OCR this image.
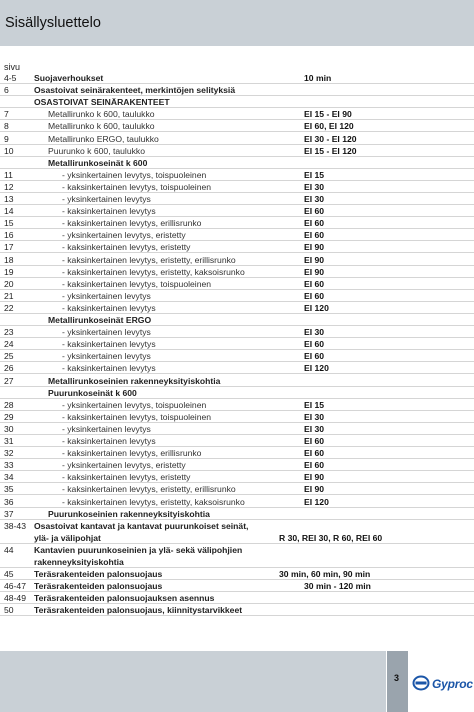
Sisällysluettelo
sivu
4-5 Suojaverhoukset	10 min
6	Osastoivat seinärakenteet, merkintöjen selityksiä
OSASTOIVAT SEINÄRAKENTEET
7	Metallirunko k 600, taulukko	EI 15 - EI 90
8	Metallirunko k 600, taulukko	EI 60, EI 120
9	Metallirunko ERGO, taulukko	EI 30 - EI 120
10	Puurunko k 600, taulukko	EI 15 - EI 120
Metallirunkoseinät k 600
11	- yksinkertainen levytys, toispuoleinen	EI 15
12	- kaksinkertainen levytys, toispuoleinen	EI 30
13	- yksinkertainen levytys	EI 30
14	- kaksinkertainen levytys	EI 60
15	- kaksinkertainen levytys, erillisrunko	EI 60
16	- yksinkertainen levytys, eristetty	EI 60
17	- kaksinkertainen levytys, eristetty	EI 90
18	- kaksinkertainen levytys, eristetty, erillisrunko	EI 90
19	- kaksinkertainen levytys, eristetty, kaksoisrunko	EI 90
20	- kaksinkertainen levytys, toispuoleinen	EI 60
21	- yksinkertainen levytys	EI 60
22	- kaksinkertainen levytys	EI 120
Metallirunkoseinät ERGO
23	- yksinkertainen levytys	EI 30
24	- kaksinkertainen levytys	EI 60
25	- yksinkertainen levytys	EI 60
26	- kaksinkertainen levytys	EI 120
27	Metallirunkoseinien rakenneyksityiskohtia
Puurunkoseinät k 600
28	- yksinkertainen levytys, toispuoleinen	EI 15
29	- kaksinkertainen levytys, toispuoleinen	EI 30
30	- yksinkertainen levytys	EI 30
31	- kaksinkertainen levytys	EI 60
32	- kaksinkertainen levytys, erillisrunko	EI 60
33	- yksinkertainen levytys, eristetty	EI 60
34	- kaksinkertainen levytys, eristetty	EI 90
35	- kaksinkertainen levytys, eristetty, erillisrunko	EI 90
36	- kaksinkertainen levytys, eristetty, kaksoisrunko	EI 120
37	Puurunkoseinien rakenneyksityiskohtia
38-43 Osastoivat kantavat ja kantavat puurunkoiset seinät,
ylä- ja välipohjat	R 30, REI 30, R 60, REI 60
44 Kantavien puurunkoseinien ja ylä- sekä välipohjien
rakenneyksityiskohtia
45 Teräsrakenteiden palonsuojaus	30 min, 60 min, 90 min
46-47 Teräsrakenteiden palonsuojaus	30 min - 120 min
48-49 Teräsrakenteiden palonsuojauksen asennus
50 Teräsrakenteiden palonsuojaus, kiinnitystarvikkeet
3	Gyproc
